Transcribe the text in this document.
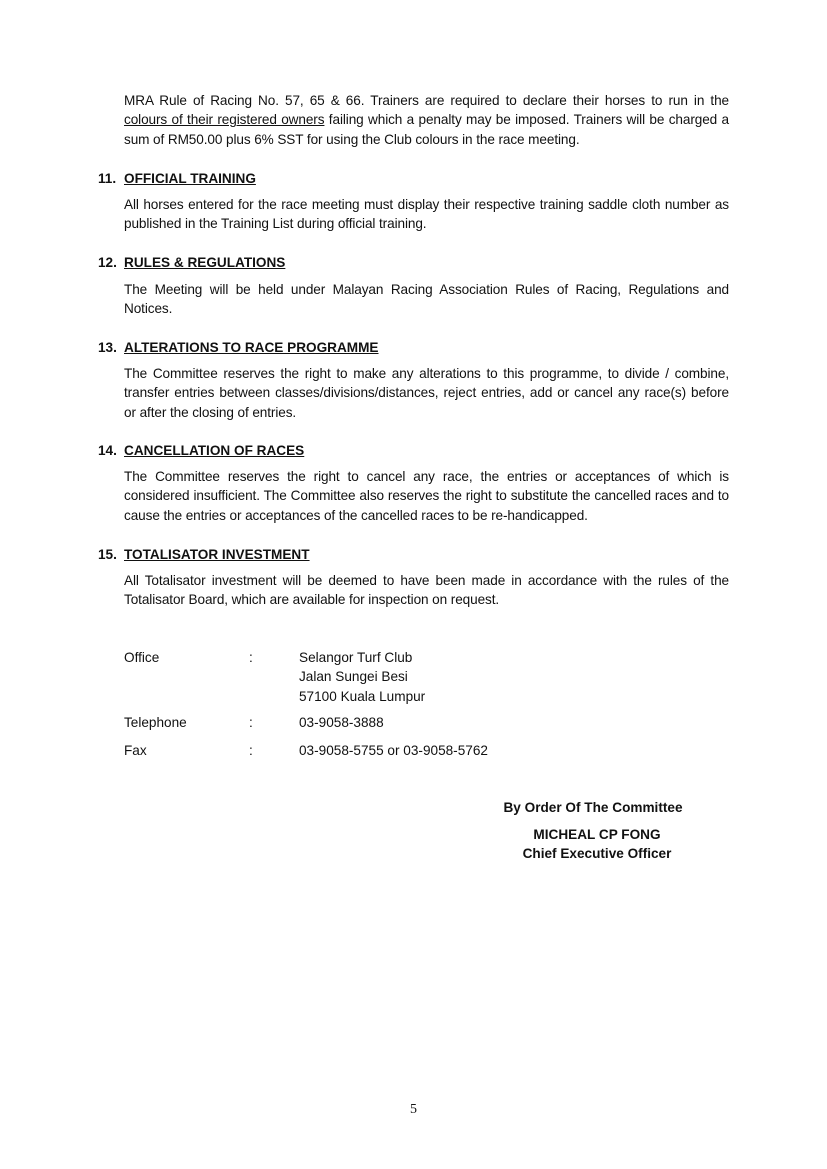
MRA Rule of Racing No. 57, 65 & 66. Trainers are required to declare their horses to run in the colours of their registered owners failing which a penalty may be imposed. Trainers will be charged a sum of RM50.00 plus 6% SST for using the Club colours in the race meeting.

11. OFFICIAL TRAINING

All horses entered for the race meeting must display their respective training saddle cloth number as published in the Training List during official training.

12. RULES & REGULATIONS

The Meeting will be held under Malayan Racing Association Rules of Racing, Regulations and Notices.

13. ALTERATIONS TO RACE PROGRAMME

The Committee reserves the right to make any alterations to this programme, to divide / combine, transfer entries between classes/divisions/distances, reject entries, add or cancel any race(s) before or after the closing of entries.

14. CANCELLATION OF RACES

The Committee reserves the right to cancel any race, the entries or acceptances of which is considered insufficient. The Committee also reserves the right to substitute the cancelled races and to cause the entries or acceptances of the cancelled races to be re-handicapped.

15. TOTALISATOR INVESTMENT

All Totalisator investment will be deemed to have been made in accordance with the rules of the Totalisator Board, which are available for inspection on request.

Office	:	Selangor Turf Club
Jalan Sungei Besi
57100 Kuala Lumpur
Telephone	:	03-9058-3888
Fax	:	03-9058-5755 or 03-9058-5762
By Order Of The Committee
MICHEAL CP FONG
Chief Executive Officer
5
